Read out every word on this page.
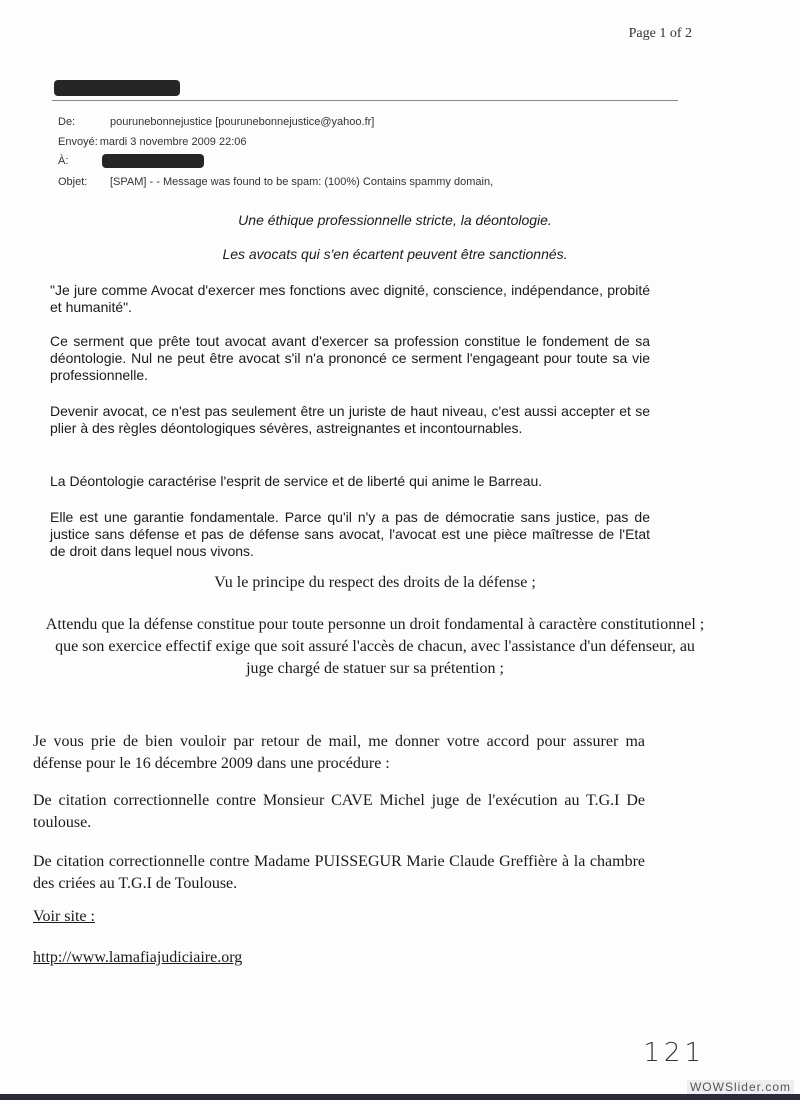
Page 1 of 2
De:	pourunebonnejustice [pourunebonnejustice@yahoo.fr]
Envoyé: mardi 3 novembre 2009 22:06
À:
Objet: [SPAM] - - Message was found to be spam: (100%) Contains spammy domain,
Une éthique professionnelle stricte, la déontologie.
Les avocats qui s'en écartent peuvent être sanctionnés.
"Je jure comme Avocat d'exercer mes fonctions avec dignité, conscience, indépendance, probité et humanité".
Ce serment que prête tout avocat avant d'exercer sa profession constitue le fondement de sa déontologie. Nul ne peut être avocat s'il n'a prononcé ce serment l'engageant pour toute sa vie professionnelle.
Devenir avocat, ce n'est pas seulement être un juriste de haut niveau, c'est aussi accepter et se plier à des règles déontologiques sévères, astreignantes et incontournables.
La Déontologie caractérise l'esprit de service et de liberté qui anime le Barreau.
Elle est une garantie fondamentale. Parce qu'il n'y a pas de démocratie sans justice, pas de justice sans défense et pas de défense sans avocat, l'avocat est une pièce maîtresse de l'Etat de droit dans lequel nous vivons.
Vu le principe du respect des droits de la défense ;
Attendu que la défense constitue pour toute personne un droit fondamental à caractère constitutionnel ; que son exercice effectif exige que soit assuré l'accès de chacun, avec l'assistance d'un défenseur, au juge chargé de statuer sur sa prétention ;
Je vous prie de bien vouloir par retour de mail, me donner votre accord pour assurer ma défense pour le 16 décembre 2009 dans une procédure :
De citation correctionnelle contre Monsieur CAVE Michel juge de l'exécution au T.G.I De toulouse.
De citation correctionnelle contre Madame PUISSEGUR Marie Claude Greffière à la chambre des criées au T.G.I de Toulouse.
Voir site :
http://www.lamafiajudiciaire.org
121
WOWSlider.com
